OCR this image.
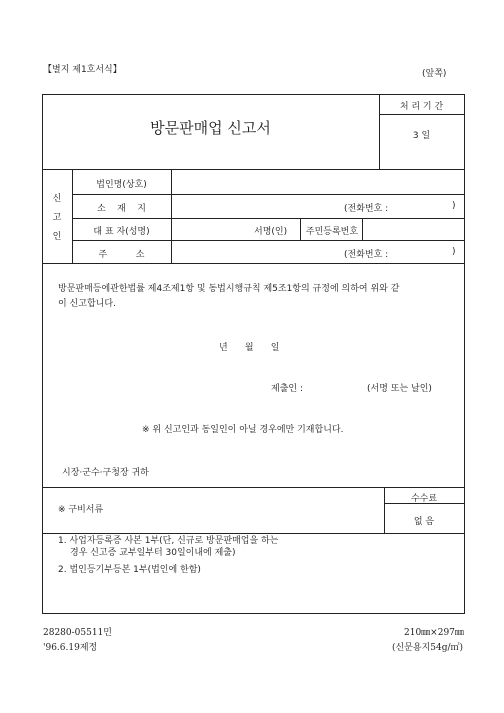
【별지 제1호서식】	(앞쪽)
방문판매업 신고서
처 리 기 간
3 일
신
고
인
법인명(상호)
소    재    지	(전화번호 :	)
대 표 자(성명)	서명(인)	주민등록번호
주          소	(전화번호 :	)
방문판매등에관한법률 제4조제1항 및 동법시행규칙 제5조1항의 규정에 의하여 위와 같
이 신고합니다.
년      월      일
제출인 :	(서명 또는 날인)
※ 위 신고인과 동일인이 아닐 경우에만 기재합니다.
시장·군수·구청장 귀하
수수료
없 음
※ 구비서류
1. 사업자등록증 사본 1부(단, 신규로 방문판매업을 하는
경우 신고증 교부일부터 30일이내에 제출)
2. 법인등기부등본 1부(법인에 한함)
28280-05511민
'96.6.19제정
210㎜×297㎜
(신문용지54g/㎡)
